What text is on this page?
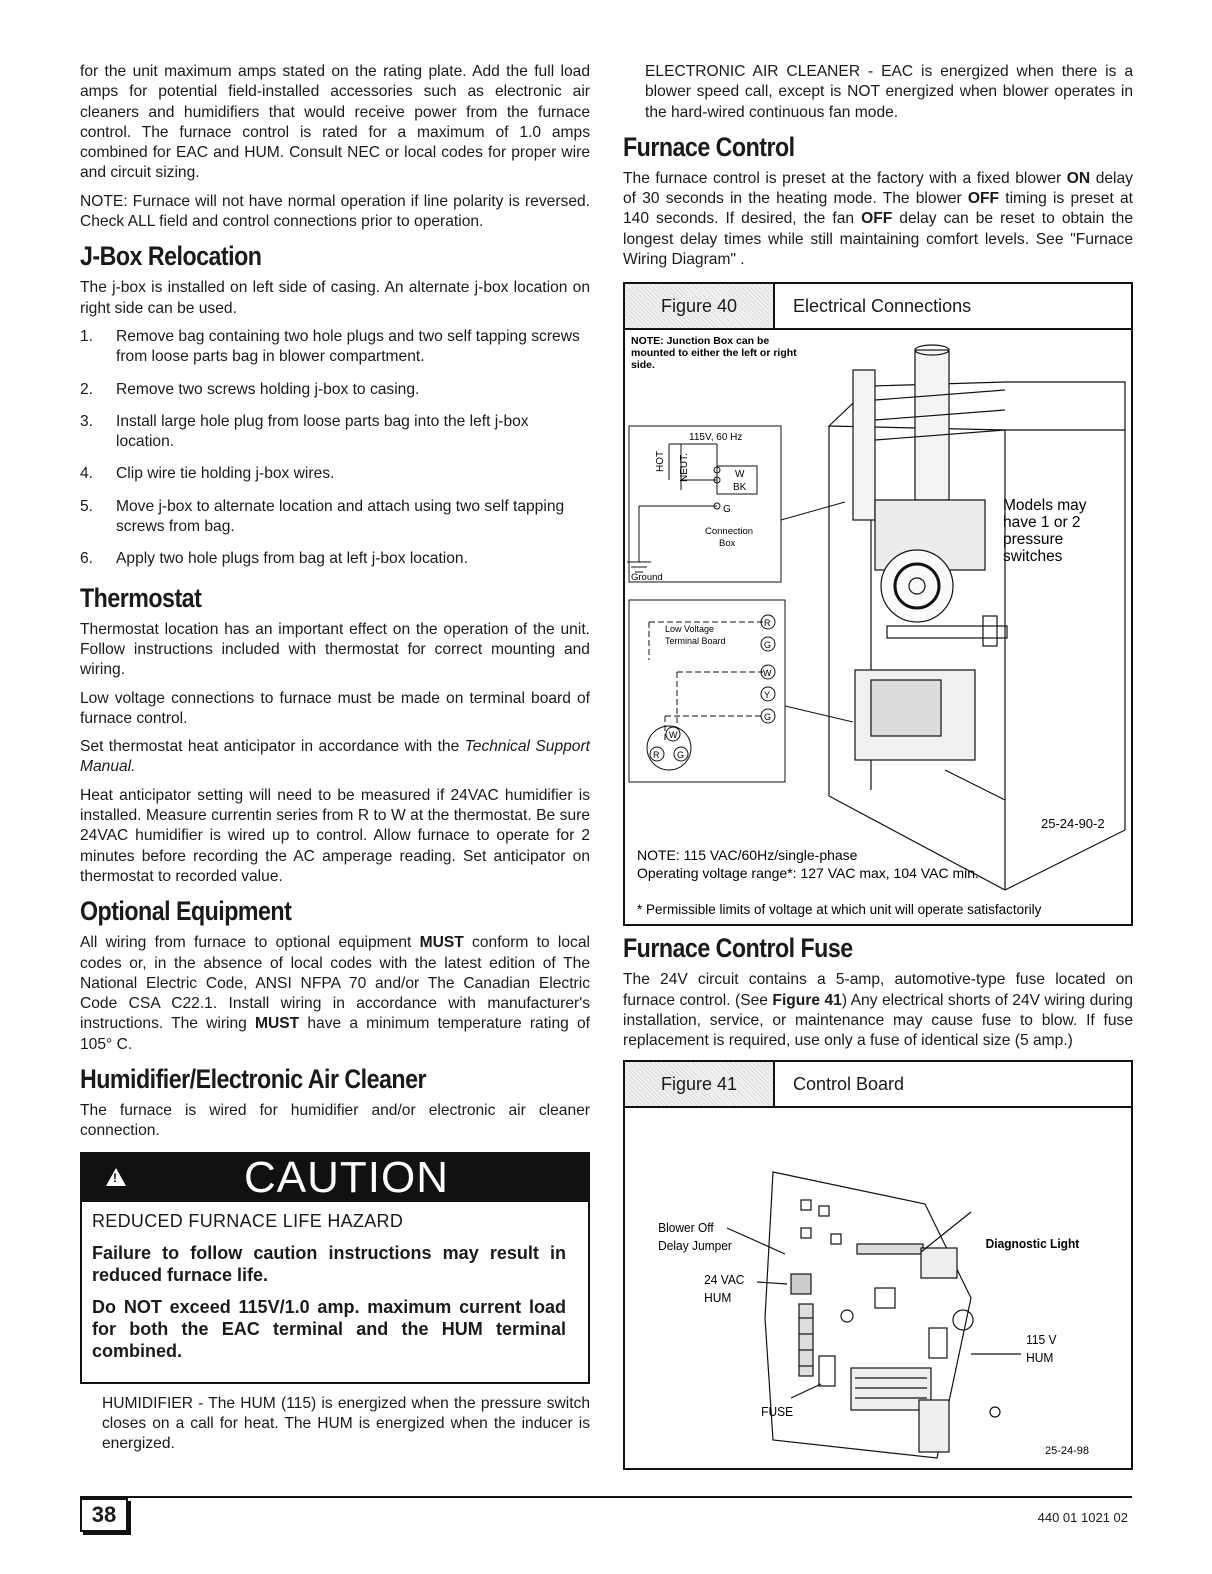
for the unit maximum amps stated on the rating plate. Add the full load amps for potential field-installed accessories such as electronic air cleaners and humidifiers that would receive power from the furnace control. The furnace control is rated for a maximum of 1.0 amps combined for EAC and HUM. Consult NEC or local codes for proper wire and circuit sizing.

NOTE: Furnace will not have normal operation if line polarity is reversed. Check ALL field and control connections prior to operation.

J-Box Relocation

The j-box is installed on left side of casing. An alternate j-box location on right side can be used.

1. Remove bag containing two hole plugs and two self tapping screws from loose parts bag in blower compartment.
2. Remove two screws holding j-box to casing.
3. Install large hole plug from loose parts bag into the left j-box location.
4. Clip wire tie holding j-box wires.
5. Move j-box to alternate location and attach using two self tapping screws from bag.
6. Apply two hole plugs from bag at left j-box location.
Thermostat

Thermostat location has an important effect on the operation of the unit. Follow instructions included with thermostat for correct mounting and wiring.

Low voltage connections to furnace must be made on terminal board of furnace control.

Set thermostat heat anticipator in accordance with the Technical Support Manual.

Heat anticipator setting will need to be measured if 24VAC humidifier is installed. Measure currentin series from R to W at the thermostat. Be sure 24VAC humidifier is wired up to control. Allow furnace to operate for 2 minutes before recording the AC amperage reading. Set anticipator on thermostat to recorded value.

Optional Equipment

All wiring from furnace to optional equipment MUST conform to local codes or, in the absence of local codes with the latest edition of The National Electric Code, ANSI NFPA 70 and/or The Canadian Electric Code CSA C22.1. Install wiring in accordance with manufacturer's instructions. The wiring MUST have a minimum temperature rating of 105° C.

Humidifier/Electronic Air Cleaner

The furnace is wired for humidifier and/or electronic air cleaner connection.

!	CAUTION
REDUCED FURNACE LIFE HAZARD
Failure to follow caution instructions may result in reduced furnace life.
Do NOT exceed 115V/1.0 amp. maximum current load for both the EAC terminal and the HUM terminal combined.

HUMIDIFIER - The HUM (115) is energized when the pressure switch closes on a call for heat. The HUM is energized when the inducer is energized.

ELECTRONIC AIR CLEANER - EAC is energized when there is a blower speed call, except is NOT energized when blower operates in the hard-wired continuous fan mode.

Furnace Control

The furnace control is preset at the factory with a fixed blower ON delay of 30 seconds in the heating mode. The blower OFF timing is preset at 140 seconds. If desired, the fan OFF delay can be reset to obtain the longest delay times while still maintaining comfort levels. See "Furnace Wiring Diagram" .

Figure 40	Electrical Connections
NOTE: Junction Box can be
mounted to either the left or right
side.
115V, 60 Hz
HOT NEUT.	W
BK
G
Connection
Box
Ground
Low Voltage
Terminal Board
R
G
W
Y
G
W
R G
Models may
have 1 or 2
pressure
switches
25-24-90-2
NOTE: 115 VAC/60Hz/single-phase
Operating voltage range*: 127 VAC max, 104 VAC min.
* Permissible limits of voltage at which unit will operate satisfactorily
Furnace Control Fuse

The 24V circuit contains a 5-amp, automotive-type fuse located on furnace control. (See Figure 41) Any electrical shorts of 24V wiring during installation, service, or maintenance may cause fuse to blow. If fuse replacement is required, use only a fuse of identical size (5 amp.)

Figure 41	Control Board
Blower Off
Delay Jumper
24 VAC
HUM
Diagnostic Light
115 V
HUM
FUSE
25-24-98
38	440 01 1021 02
